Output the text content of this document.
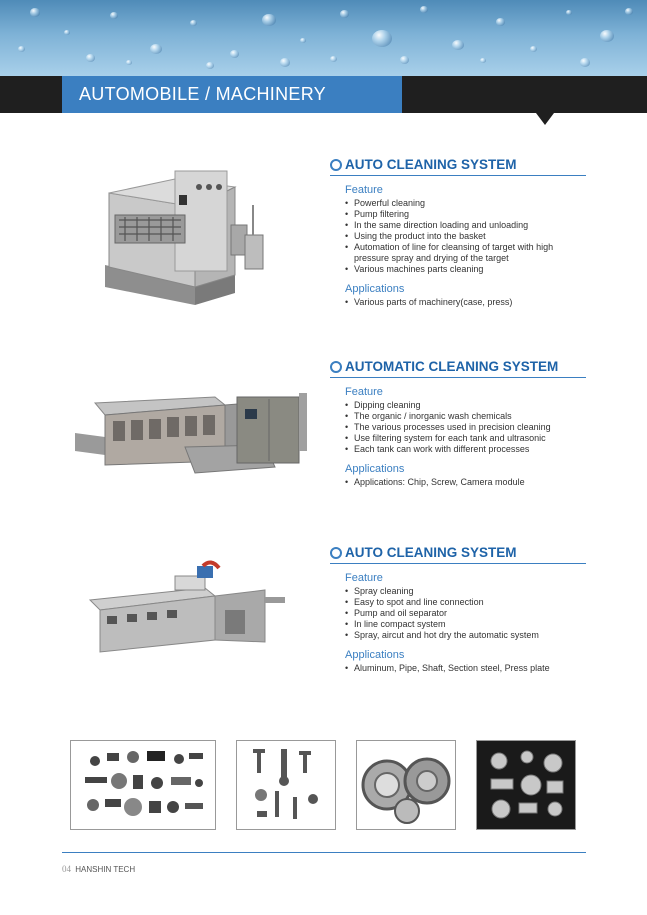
AUTOMOBILE / MACHINERY
AUTO CLEANING SYSTEM
Feature
• Powerful cleaning
• Pump filtering
• In the same direction loading and unloading
• Using the product into the basket
• Automation of line for cleansing of target with high pressure spray and drying of the target
• Various machines parts cleaning
Applications
• Various parts of machinery(case, press)
AUTOMATIC CLEANING SYSTEM
Feature
• Dipping cleaning
• The organic / inorganic wash chemicals
• The various processes used in precision cleaning
• Use filtering system for each tank and ultrasonic
• Each tank can work with different processes
Applications
• Applications: Chip, Screw, Camera module
AUTO CLEANING SYSTEM
Feature
• Spray cleaning
• Easy to spot and line connection
• Pump and oil separator
• In line compact system
• Spray, aircut and hot dry the automatic system
Applications
• Aluminum, Pipe, Shaft, Section steel, Press plate
04 HANSHIN TECH
